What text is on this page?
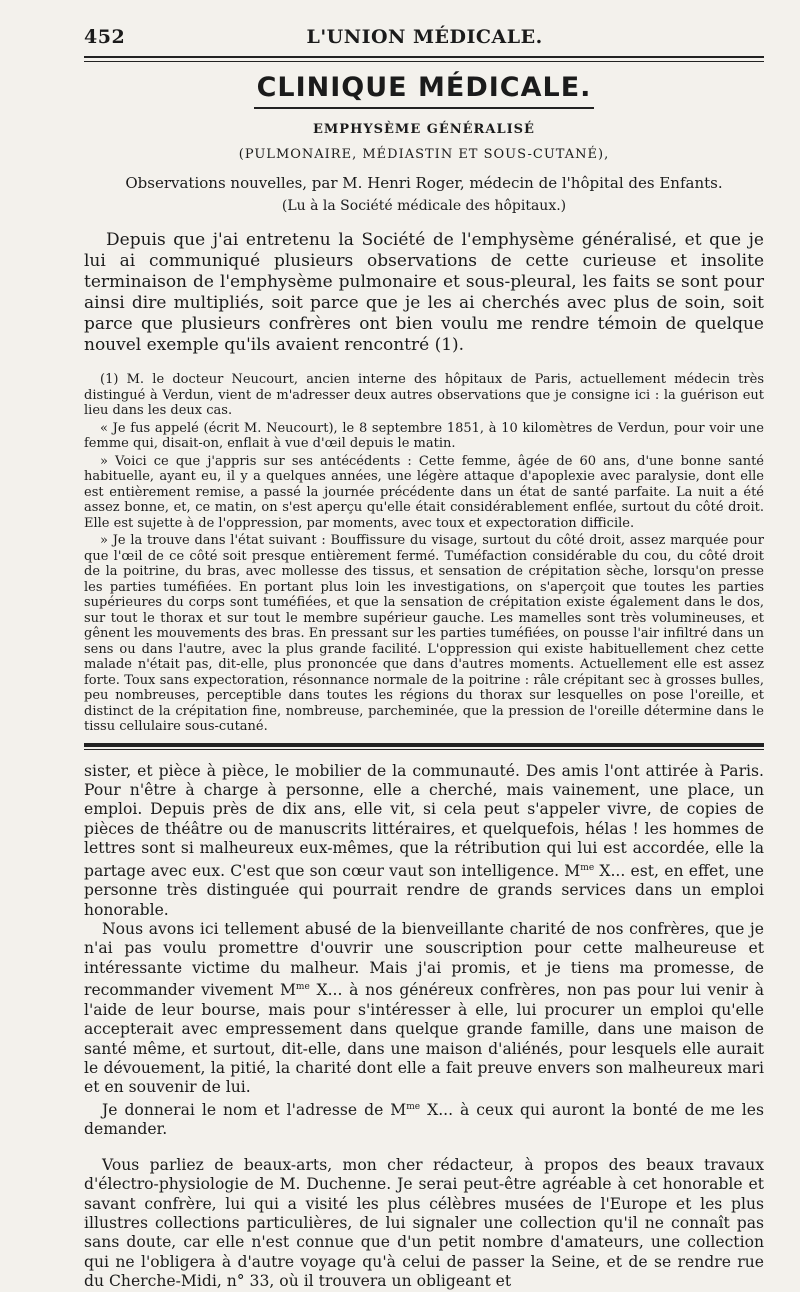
452	L'UNION MÉDICALE.
CLINIQUE MÉDICALE.
EMPHYSÈME GÉNÉRALISÉ
(PULMONAIRE, MÉDIASTIN ET SOUS-CUTANÉ),
Observations nouvelles, par M. Henri Roger, médecin de l'hôpital des Enfants.
(Lu à la Société médicale des hôpitaux.)

Depuis que j'ai entretenu la Société de l'emphysème généralisé, et que je lui ai communiqué plusieurs observations de cette curieuse et insolite terminaison de l'emphysème pulmonaire et sous-pleural, les faits se sont pour ainsi dire multipliés, soit parce que je les ai cherchés avec plus de soin, soit parce que plusieurs confrères ont bien voulu me rendre témoin de quelque nouvel exemple qu'ils avaient rencontré (1).

(1) M. le docteur Neucourt, ancien interne des hôpitaux de Paris, actuellement médecin très distingué à Verdun, vient de m'adresser deux autres observations que je consigne ici : la guérison eut lieu dans les deux cas.

« Je fus appelé (écrit M. Neucourt), le 8 septembre 1851, à 10 kilomètres de Verdun, pour voir une femme qui, disait-on, enflait à vue d'œil depuis le matin.

» Voici ce que j'appris sur ses antécédents : Cette femme, âgée de 60 ans, d'une bonne santé habituelle, ayant eu, il y a quelques années, une légère attaque d'apoplexie avec paralysie, dont elle est entièrement remise, a passé la journée précédente dans un état de santé parfaite. La nuit a été assez bonne, et, ce matin, on s'est aperçu qu'elle était considérablement enflée, surtout du côté droit. Elle est sujette à de l'oppression, par moments, avec toux et expectoration difficile.

» Je la trouve dans l'état suivant : Bouffissure du visage, surtout du côté droit, assez marquée pour que l'œil de ce côté soit presque entièrement fermé. Tuméfaction considérable du cou, du côté droit de la poitrine, du bras, avec mollesse des tissus, et sensation de crépitation sèche, lorsqu'on presse les parties tuméfiées. En portant plus loin les investigations, on s'aperçoit que toutes les parties supérieures du corps sont tuméfiées, et que la sensation de crépitation existe également dans le dos, sur tout le thorax et sur tout le membre supérieur gauche. Les mamelles sont très volumineuses, et gênent les mouvements des bras. En pressant sur les parties tuméfiées, on pousse l'air infiltré dans un sens ou dans l'autre, avec la plus grande facilité. L'oppression qui existe habituellement chez cette malade n'était pas, dit-elle, plus prononcée que dans d'autres moments. Actuellement elle est assez forte. Toux sans expectoration, résonnance normale de la poitrine : râle crépitant sec à grosses bulles, peu nombreuses, perceptible dans toutes les régions du thorax sur lesquelles on pose l'oreille, et distinct de la crépitation fine, nombreuse, parcheminée, que la pression de l'oreille détermine dans le tissu cellulaire sous-cutané.

sister, et pièce à pièce, le mobilier de la communauté. Des amis l'ont attirée à Paris. Pour n'être à charge à personne, elle a cherché, mais vainement, une place, un emploi. Depuis près de dix ans, elle vit, si cela peut s'appeler vivre, de copies de pièces de théâtre ou de manuscrits littéraires, et quelquefois, hélas ! les hommes de lettres sont si malheureux eux-mêmes, que la rétribution qui lui est accordée, elle la partage avec eux. C'est que son cœur vaut son intelligence. $M^{me}$ X... est, en effet, une personne très distinguée qui pourrait rendre de grands services dans un emploi honorable.

Nous avons ici tellement abusé de la bienveillante charité de nos confrères, que je n'ai pas voulu promettre d'ouvrir une souscription pour cette malheureuse et intéressante victime du malheur. Mais j'ai promis, et je tiens ma promesse, de recommander vivement $M^{me}$ X... à nos généreux confrères, non pas pour lui venir à l'aide de leur bourse, mais pour s'intéresser à elle, lui procurer un emploi qu'elle accepterait avec empressement dans quelque grande famille, dans une maison de santé même, et surtout, dit-elle, dans une maison d'aliénés, pour lesquels elle aurait le dévouement, la pitié, la charité dont elle a fait preuve envers son malheureux mari et en souvenir de lui.

Je donnerai le nom et l'adresse de $M^{me}$ X... à ceux qui auront la bonté de me les demander.

Vous parliez de beaux-arts, mon cher rédacteur, à propos des beaux travaux d'électro-physiologie de M. Duchenne. Je serai peut-être agréable à cet honorable et savant confrère, lui qui a visité les plus célèbres musées de l'Europe et les plus illustres collections particulières, de lui signaler une collection qu'il ne connaît pas sans doute, car elle n'est connue que d'un petit nombre d'amateurs, une collection qui ne l'obligera à d'autre voyage qu'à celui de passer la Seine, et de se rendre rue du Cherche-Midi, n° 33, où il trouvera un obligeant et
